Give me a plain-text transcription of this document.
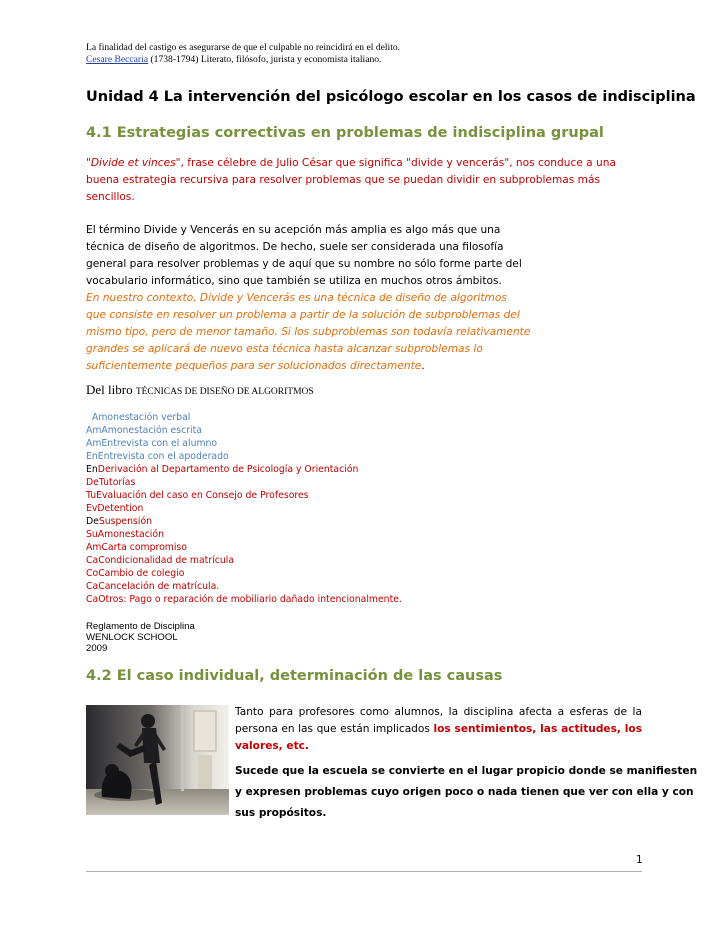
La finalidad del castigo es asegurarse de que el culpable no reincidirá en el delito.
Cesare Beccaria (1738-1794) Literato, filósofo, jurista y economista italiano.
Unidad 4 La intervención del psicólogo escolar en los casos de indisciplina
4.1 Estrategias correctivas en problemas de indisciplina grupal
"Divide et vinces", frase célebre de Julio César que significa "divide y vencerás", nos conduce a una
buena estrategia recursiva para resolver problemas que se puedan dividir en subproblemas más
sencillos.
El término Divide y Vencerás en su acepción más amplia es algo más que una
técnica de diseño de algoritmos. De hecho, suele ser considerada una filosofía
general para resolver problemas y de aquí que su nombre no sólo forme parte del
vocabulario informático, sino que también se utiliza en muchos otros ámbitos.
En nuestro contexto, Divide y Vencerás es una técnica de diseño de algoritmos
que consiste en resolver un problema a partir de la solución de subproblemas del
mismo tipo, pero de menor tamaño. Si los subproblemas son todavía relativamente
grandes se aplicará de nuevo esta técnica hasta alcanzar subproblemas lo
suficientemente pequeños para ser solucionados directamente.
Del libro TÉCNICAS DE DISEÑO DE ALGORITMOS
Amonestación verbal
AmAmonestación escrita
AmEntrevista con el alumno
EnEntrevista con el apoderado
EnDerivación al Departamento de Psicología y Orientación
DeTutorías
TuEvaluación del caso en Consejo de Profesores
EvDetention
DeSuspensión
SuAmonestación
AmCarta compromiso
CaCondicionalidad de matrícula
CoCambio de colegio
CaCancelación de matrícula.
CaOtros: Pago o reparación de mobiliario dañado intencionalmente.
Reglamento de Disciplina
WENLOCK SCHOOL
2009
4.2 El caso individual, determinación de las causas
Tanto para profesores como alumnos, la disciplina afecta a esferas de la
persona en las que están implicados los sentimientos, las actitudes, los
valores, etc.
Sucede que la escuela se convierte en el lugar propicio donde se manifiesten
y expresen problemas cuyo origen poco o nada tienen que ver con ella y con
sus propósitos.
1
